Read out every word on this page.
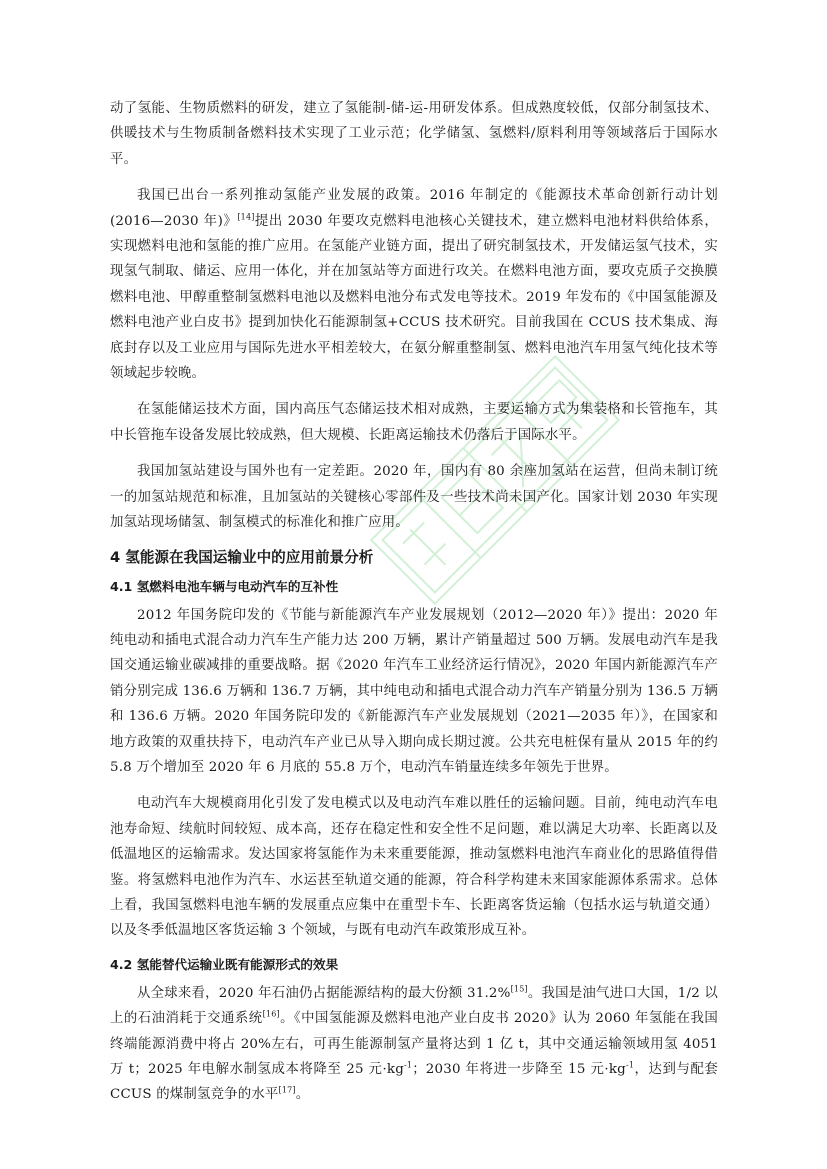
动了氢能、生物质燃料的研发，建立了氢能制-储-运-用研发体系。但成熟度较低，仅部分制氢技术、供暖技术与生物质制备燃料技术实现了工业示范；化学储氢、氢燃料/原料利用等领域落后于国际水平。

我国已出台一系列推动氢能产业发展的政策。2016 年制定的《能源技术革命创新行动计划(2016—2030 年)》[14]提出 2030 年要攻克燃料电池核心关键技术，建立燃料电池材料供给体系，实现燃料电池和氢能的推广应用。在氢能产业链方面，提出了研究制氢技术，开发储运氢气技术，实现氢气制取、储运、应用一体化，并在加氢站等方面进行攻关。在燃料电池方面，要攻克质子交换膜燃料电池、甲醇重整制氢燃料电池以及燃料电池分布式发电等技术。2019 年发布的《中国氢能源及燃料电池产业白皮书》提到加快化石能源制氢+CCUS 技术研究。目前我国在 CCUS 技术集成、海底封存以及工业应用与国际先进水平相差较大，在氨分解重整制氢、燃料电池汽车用氢气纯化技术等领域起步较晚。

在氢能储运技术方面，国内高压气态储运技术相对成熟，主要运输方式为集装格和长管拖车，其中长管拖车设备发展比较成熟，但大规模、长距离运输技术仍落后于国际水平。

我国加氢站建设与国外也有一定差距。2020 年，国内有 80 余座加氢站在运营，但尚未制订统一的加氢站规范和标准，且加氢站的关键核心零部件及一些技术尚未国产化。国家计划 2030 年实现加氢站现场储氢、制氢模式的标准化和推广应用。

4 氢能源在我国运输业中的应用前景分析
4.1 氢燃料电池车辆与电动汽车的互补性

2012 年国务院印发的《节能与新能源汽车产业发展规划（2012—2020 年）》提出：2020 年纯电动和插电式混合动力汽车生产能力达 200 万辆，累计产销量超过 500 万辆。发展电动汽车是我国交通运输业碳减排的重要战略。据《2020 年汽车工业经济运行情况》，2020 年国内新能源汽车产销分别完成 136.6 万辆和 136.7 万辆，其中纯电动和插电式混合动力汽车产销量分别为 136.5 万辆和 136.6 万辆。2020 年国务院印发的《新能源汽车产业发展规划（2021—2035 年）》，在国家和地方政策的双重扶持下，电动汽车产业已从导入期向成长期过渡。公共充电桩保有量从 2015 年的约 5.8 万个增加至 2020 年 6 月底的 55.8 万个，电动汽车销量连续多年领先于世界。

电动汽车大规模商用化引发了发电模式以及电动汽车难以胜任的运输问题。目前，纯电动汽车电池寿命短、续航时间较短、成本高，还存在稳定性和安全性不足问题，难以满足大功率、长距离以及低温地区的运输需求。发达国家将氢能作为未来重要能源，推动氢燃料电池汽车商业化的思路值得借鉴。将氢燃料电池作为汽车、水运甚至轨道交通的能源，符合科学构建未来国家能源体系需求。总体上看，我国氢燃料电池车辆的发展重点应集中在重型卡车、长距离客货运输（包括水运与轨道交通）以及冬季低温地区客货运输 3 个领域，与既有电动汽车政策形成互补。

4.2 氢能替代运输业既有能源形式的效果

从全球来看，2020 年石油仍占据能源结构的最大份额 31.2%[15]。我国是油气进口大国，1/2 以上的石油消耗于交通系统[16]。《中国氢能源及燃料电池产业白皮书 2020》认为 2060 年氢能在我国终端能源消费中将占 20%左右，可再生能源制氢产量将达到 1 亿 t，其中交通运输领域用氢 4051 万 t；2025 年电解水制氢成本将降至 25 元$\cdot kg^{-1}$；2030 年将进一步降至 15 元$\cdot kg^{-1}$，达到与配套 CCUS 的煤制氢竞争的水平[17]。
